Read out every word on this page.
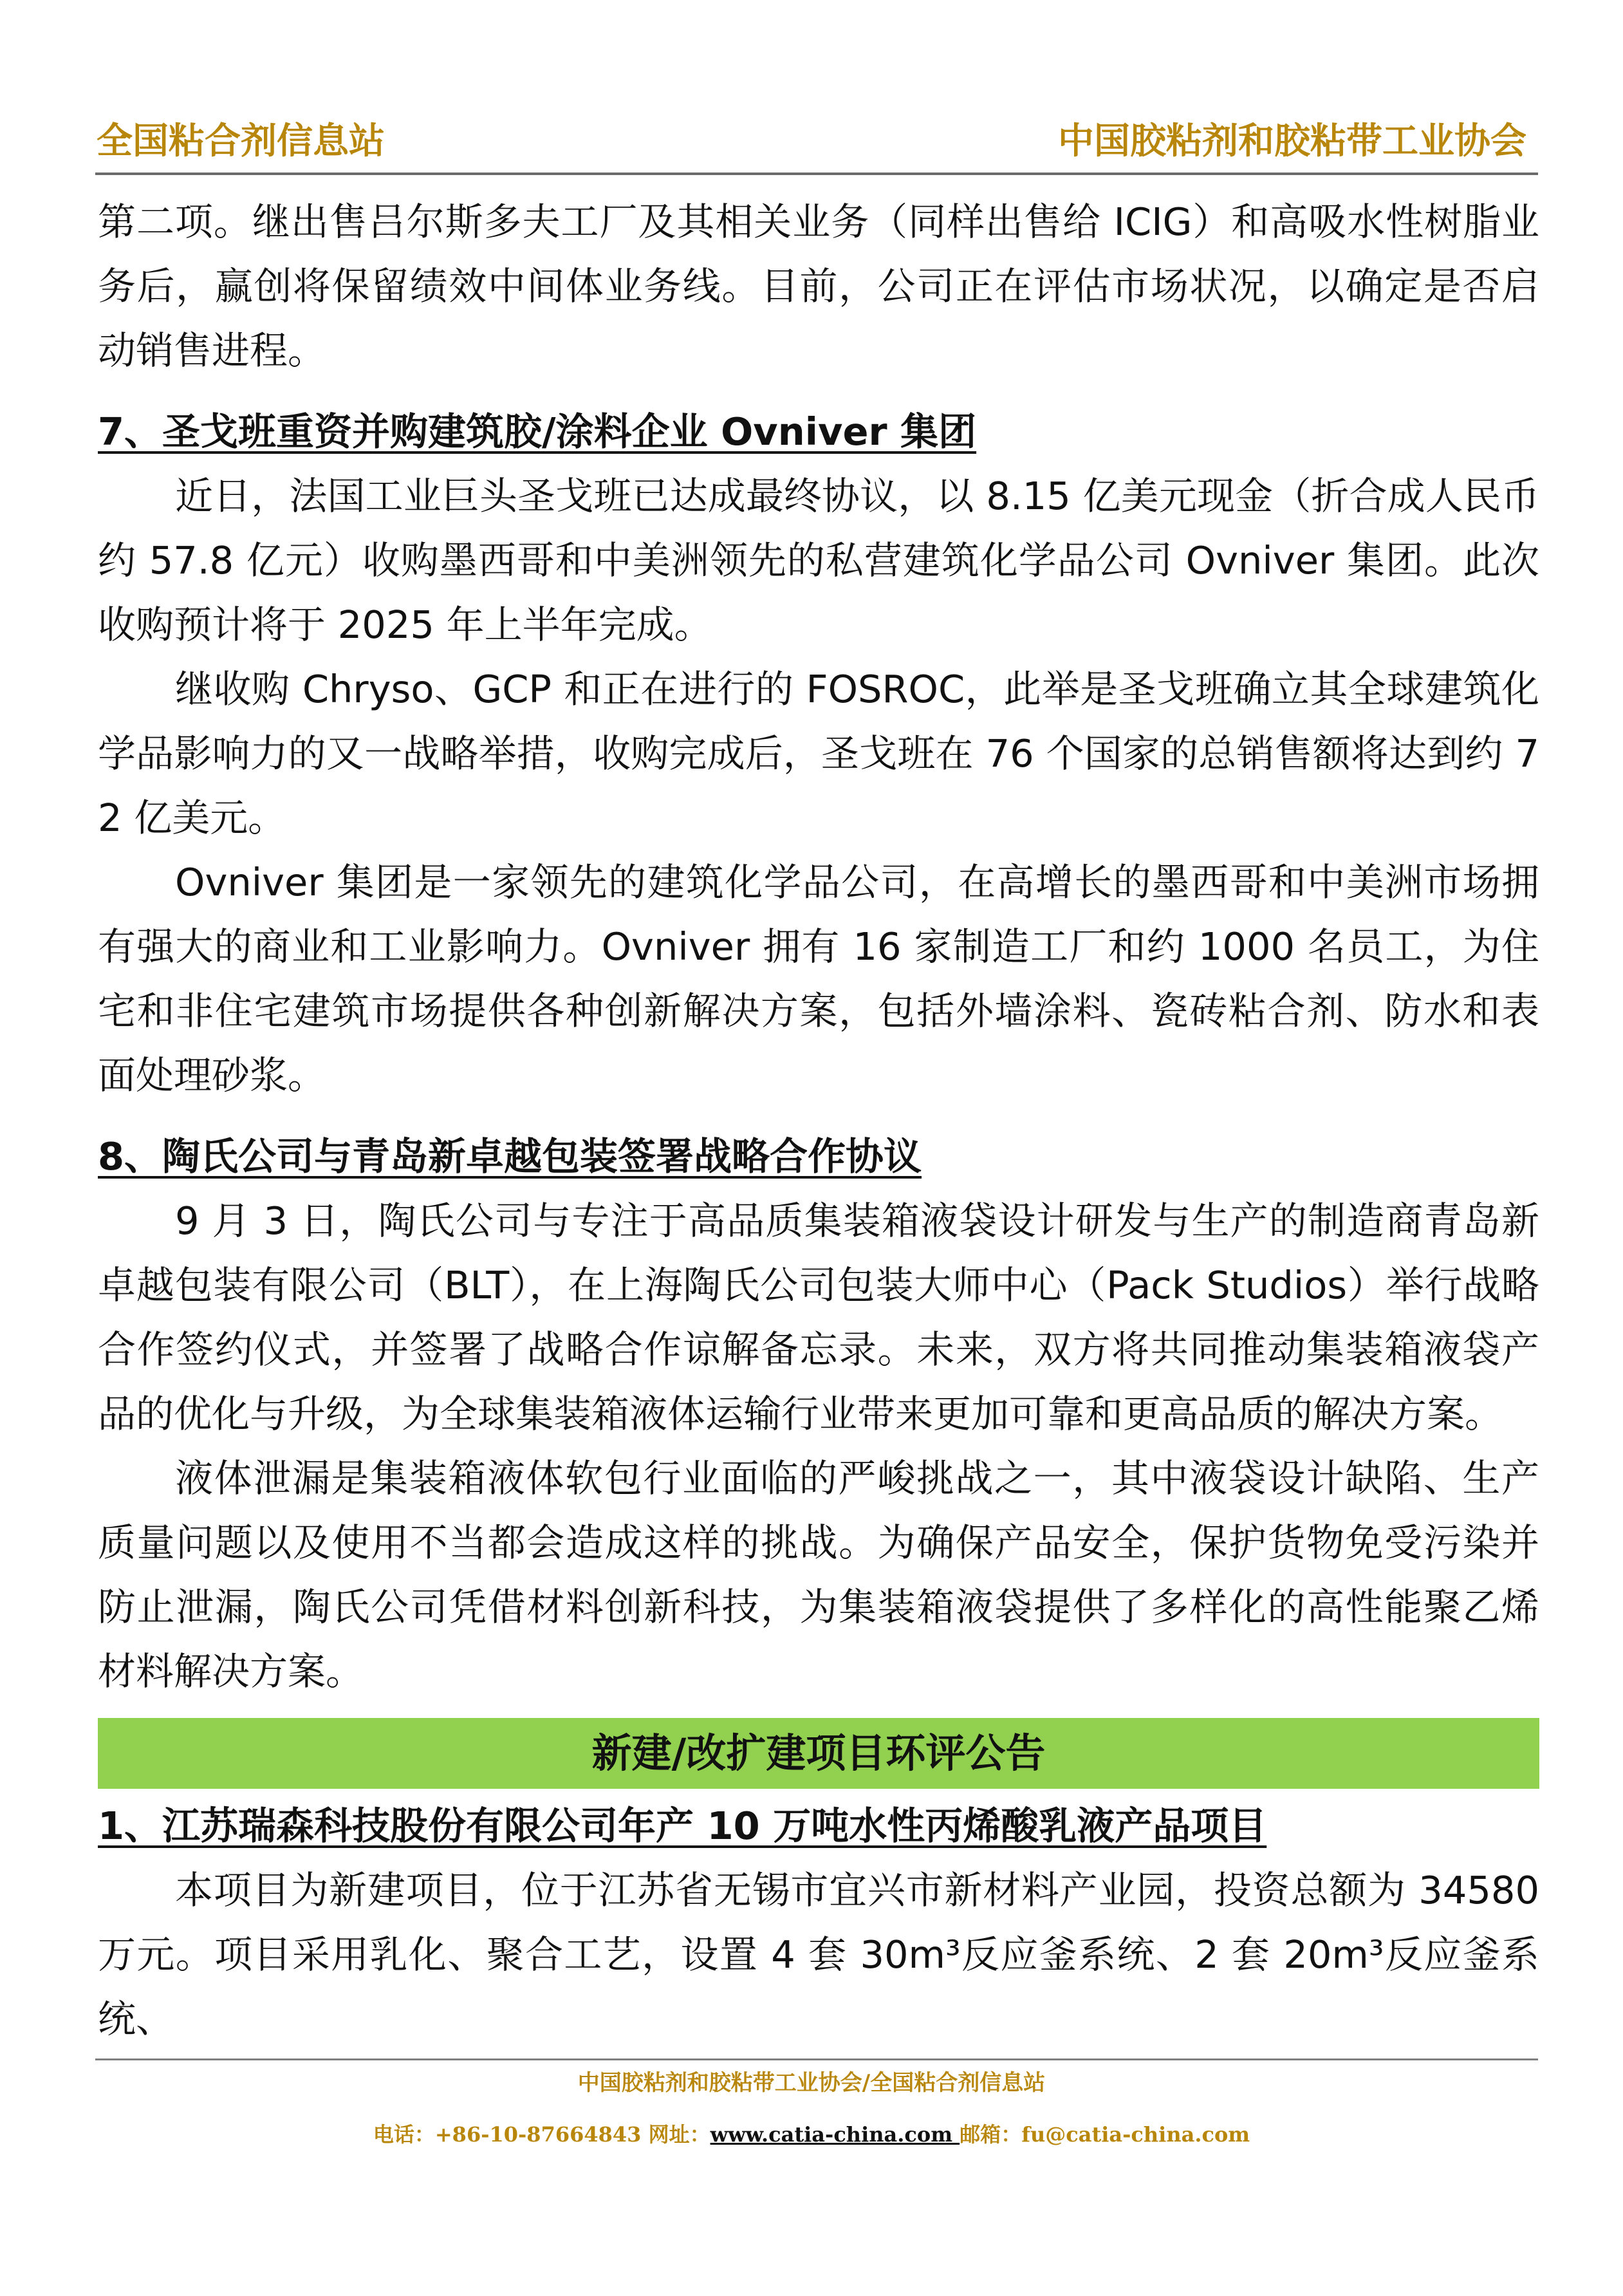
全国粘合剂信息站	中国胶粘剂和胶粘带工业协会

第二项。继出售吕尔斯多夫工厂及其相关业务（同样出售给 ICIG）和高吸水性树脂业务后，赢创将保留绩效中间体业务线。目前，公司正在评估市场状况，以确定是否启动销售进程。

7、圣戈班重资并购建筑胶/涂料企业 Ovniver 集团

近日，法国工业巨头圣戈班已达成最终协议，以 8.15 亿美元现金（折合成人民币约 57.8 亿元）收购墨西哥和中美洲领先的私营建筑化学品公司 Ovniver 集团。此次收购预计将于 2025 年上半年完成。

继收购 Chryso、GCP 和正在进行的 FOSROC，此举是圣戈班确立其全球建筑化学品影响力的又一战略举措，收购完成后，圣戈班在 76 个国家的总销售额将达到约 72 亿美元。

Ovniver 集团是一家领先的建筑化学品公司，在高增长的墨西哥和中美洲市场拥有强大的商业和工业影响力。Ovniver 拥有 16 家制造工厂和约 1000 名员工，为住宅和非住宅建筑市场提供各种创新解决方案，包括外墙涂料、瓷砖粘合剂、防水和表面处理砂浆。

8、陶氏公司与青岛新卓越包装签署战略合作协议

9 月 3 日，陶氏公司与专注于高品质集装箱液袋设计研发与生产的制造商青岛新卓越包装有限公司（BLT），在上海陶氏公司包装大师中心（Pack Studios）举行战略合作签约仪式，并签署了战略合作谅解备忘录。未来，双方将共同推动集装箱液袋产品的优化与升级，为全球集装箱液体运输行业带来更加可靠和更高品质的解决方案。

液体泄漏是集装箱液体软包行业面临的严峻挑战之一，其中液袋设计缺陷、生产质量问题以及使用不当都会造成这样的挑战。为确保产品安全，保护货物免受污染并防止泄漏，陶氏公司凭借材料创新科技，为集装箱液袋提供了多样化的高性能聚乙烯材料解决方案。

新建/改扩建项目环评公告

1、江苏瑞森科技股份有限公司年产 10 万吨水性丙烯酸乳液产品项目

本项目为新建项目，位于江苏省无锡市宜兴市新材料产业园，投资总额为 34580 万元。项目采用乳化、聚合工艺，设置 4 套 30m³反应釜系统、2 套 20m³反应釜系统、

中国胶粘剂和胶粘带工业协会/全国粘合剂信息站
电话：+86-10-87664843 网址：www.catia-china.com 邮箱：fu@catia-china.com
